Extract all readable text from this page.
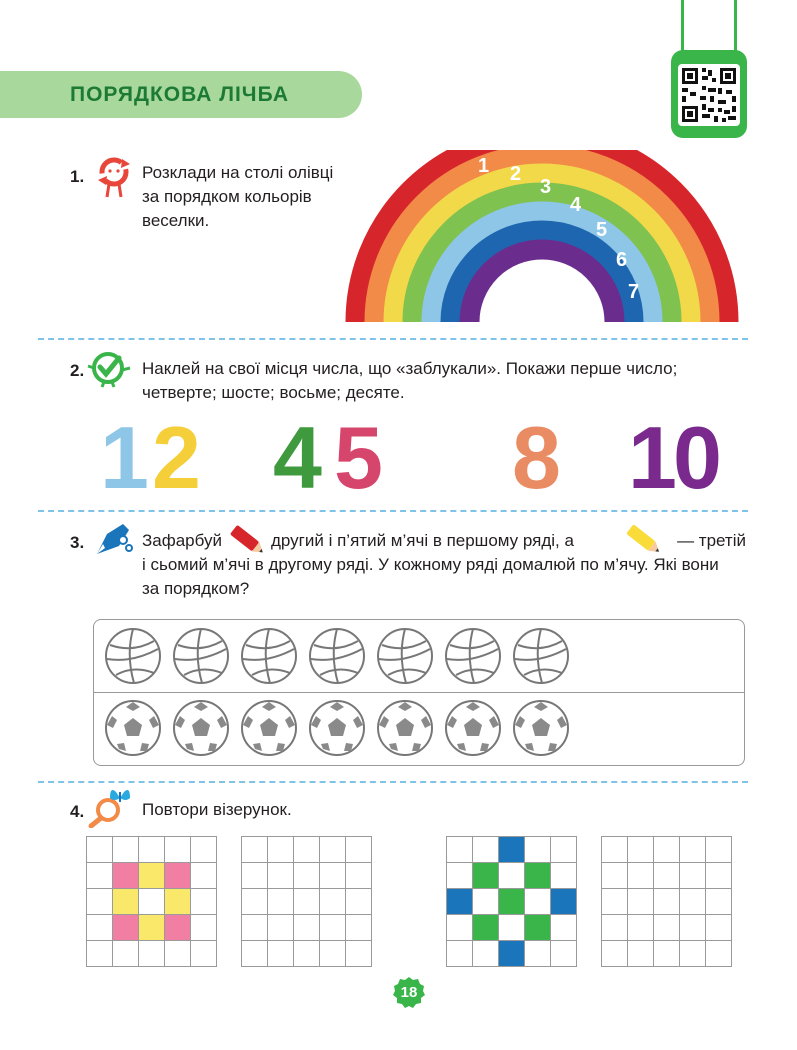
ПОРЯДКОВА ЛІЧБА
1.	Розклади на столі олівці
за порядком кольорів
веселки.
1 2
3
4
5
6
7
2.	Наклей на свої місця числа, що «заблукали». Покажи перше число;
четверте; шосте; восьме; десяте.
1 2 4 5 8 10
3.	Зафарбуй	другий і п’ятий м’ячі в першому ряді, а	— третій
і сьомий м’ячі в другому ряді. У кожному ряді домалюй по м’ячу. Які вони
за порядком?
4.	Повтори візерунок.

18
